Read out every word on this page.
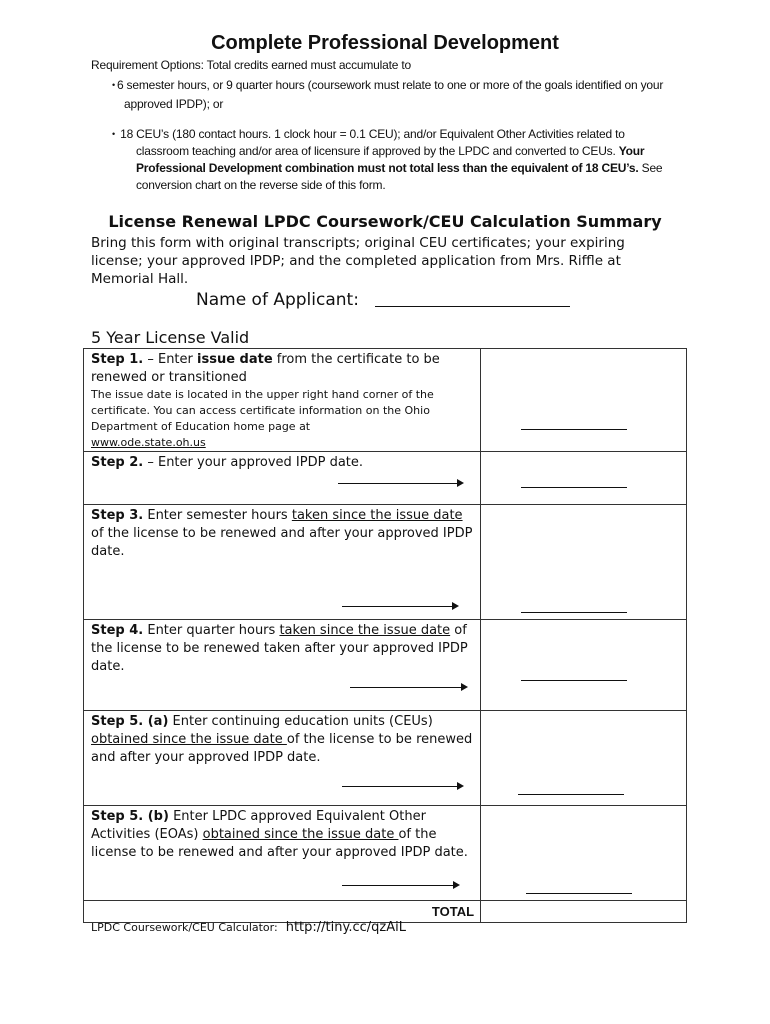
Complete Professional Development
Requirement Options: Total credits earned must accumulate to
• 6 semester hours, or 9 quarter hours (coursework must relate to one or more of the goals identified on your
approved IPDP); or
• 18 CEU’s (180 contact hours. 1 clock hour = 0.1 CEU); and/or Equivalent Other Activities related to
classroom teaching and/or area of licensure if approved by the LPDC and converted to CEUs. Your Professional Development combination must not total less than the equivalent of 18 CEU’s. See
conversion chart on the reverse side of this form.
License Renewal LPDC Coursework/CEU Calculation Summary
Bring this form with original transcripts; original CEU certificates; your expiring license; your approved IPDP; and the completed application from Mrs. Riffle at Memorial Hall.
Name of Applicant:
5 Year License Valid
Step 1. – Enter issue date from the certificate to be renewed or transitioned
The issue date is located in the upper right hand corner of the certificate. You can access certificate information on the Ohio Department of Education home page at
www.ode.state.oh.us	

Step 2. – Enter your approved IPDP date.

Step 3. Enter semester hours taken since the issue date of the license to be renewed and after your approved IPDP date.

Step 4. Enter quarter hours taken since the issue date of the license to be renewed taken after your approved IPDP date.

Step 5. (a) Enter continuing education units (CEUs) obtained since the issue date of the license to be renewed and after your approved IPDP date.

Step 5. (b) Enter LPDC approved Equivalent Other Activities (EOAs) obtained since the issue date of the license to be renewed and after your approved IPDP date.

TOTAL	
LPDC Coursework/CEU Calculator: http://tiny.cc/qzAiL
